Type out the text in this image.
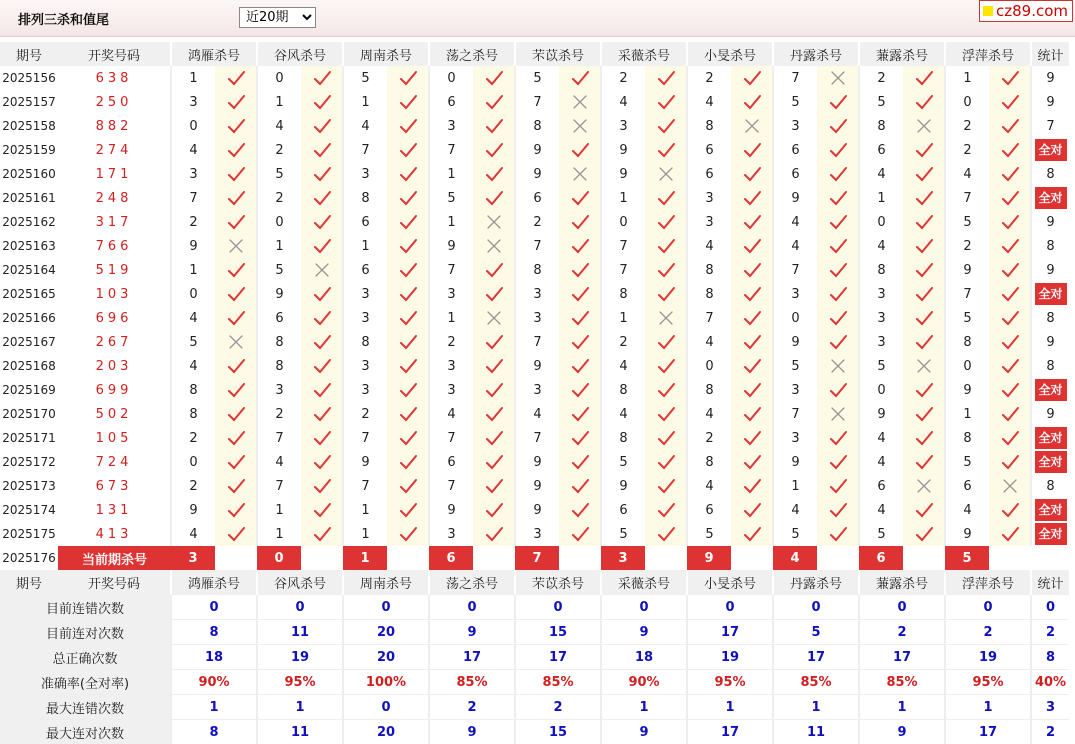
排列三杀和值尾
近20期
cz89.com
期号	开奖号码	鸿雁杀号		谷风杀号		周南杀号		荡之杀号		芣苡杀号		采薇杀号		小旻杀号		丹露杀号		蒹露杀号		浮萍杀号		统计
2025156	638	1		0		5		0		5		2		2		7		2		1		9
2025157	250	3		1		1		6		7		4		4		5		5		0		9
2025158	882	0		4		4		3		8		3		8		3		8		2		7
2025159	274	4		2		7		7		9		9		6		6		6		2		全对
2025160	171	3		5		3		1		9		9		6		6		4		4		8
2025161	248	7		2		8		5		6		1		3		9		1		7		全对
2025162	317	2		0		6		1		2		0		3		4		0		5		9
2025163	766	9		1		1		9		7		7		4		4		4		2		8
2025164	519	1		5		6		7		8		7		8		7		8		9		9
2025165	103	0		9		3		3		3		8		8		3		3		7		全对
2025166	696	4		6		3		1		3		1		7		0		3		5		8
2025167	267	5		8		8		2		7		2		4		9		3		8		9
2025168	203	4		8		3		3		9		4		0		5		5		0		8
2025169	699	8		3		3		3		3		8		8		3		0		9		全对
2025170	502	8		2		2		4		4		4		4		7		9		1		9
2025171	105	2		7		7		7		7		8		2		3		4		8		全对
2025172	724	0		4		9		6		9		5		8		9		4		5		全对
2025173	673	2		7		7		7		9		9		4		1		6		6		8
2025174	131	9		1		1		9		9		6		6		4		4		4		全对
2025175	413	4		1		1		3		3		5		5		5		5		9		全对
2025176	当前期杀号	3		0		1		6		7		3		9		4		6		5		
期号	开奖号码	鸿雁杀号		谷风杀号		周南杀号		荡之杀号		芣苡杀号		采薇杀号		小旻杀号		丹露杀号		蒹露杀号		浮萍杀号		统计
目前连错次数		0		0		0		0		0		0		0		0		0		0		0
目前连对次数		8		11		20		9		15		9		17		5		2		2		2
总正确次数		18		19		20		17		17		18		19		17		17		19		8
准确率(全对率)		90%		95%		100%		85%		85%		90%		95%		85%		85%		95%		40%
最大连错次数		1		1		0		2		2		1		1		1		1		1		3
最大连对次数		8		11		20		9		15		9		17		11		9		17		2
